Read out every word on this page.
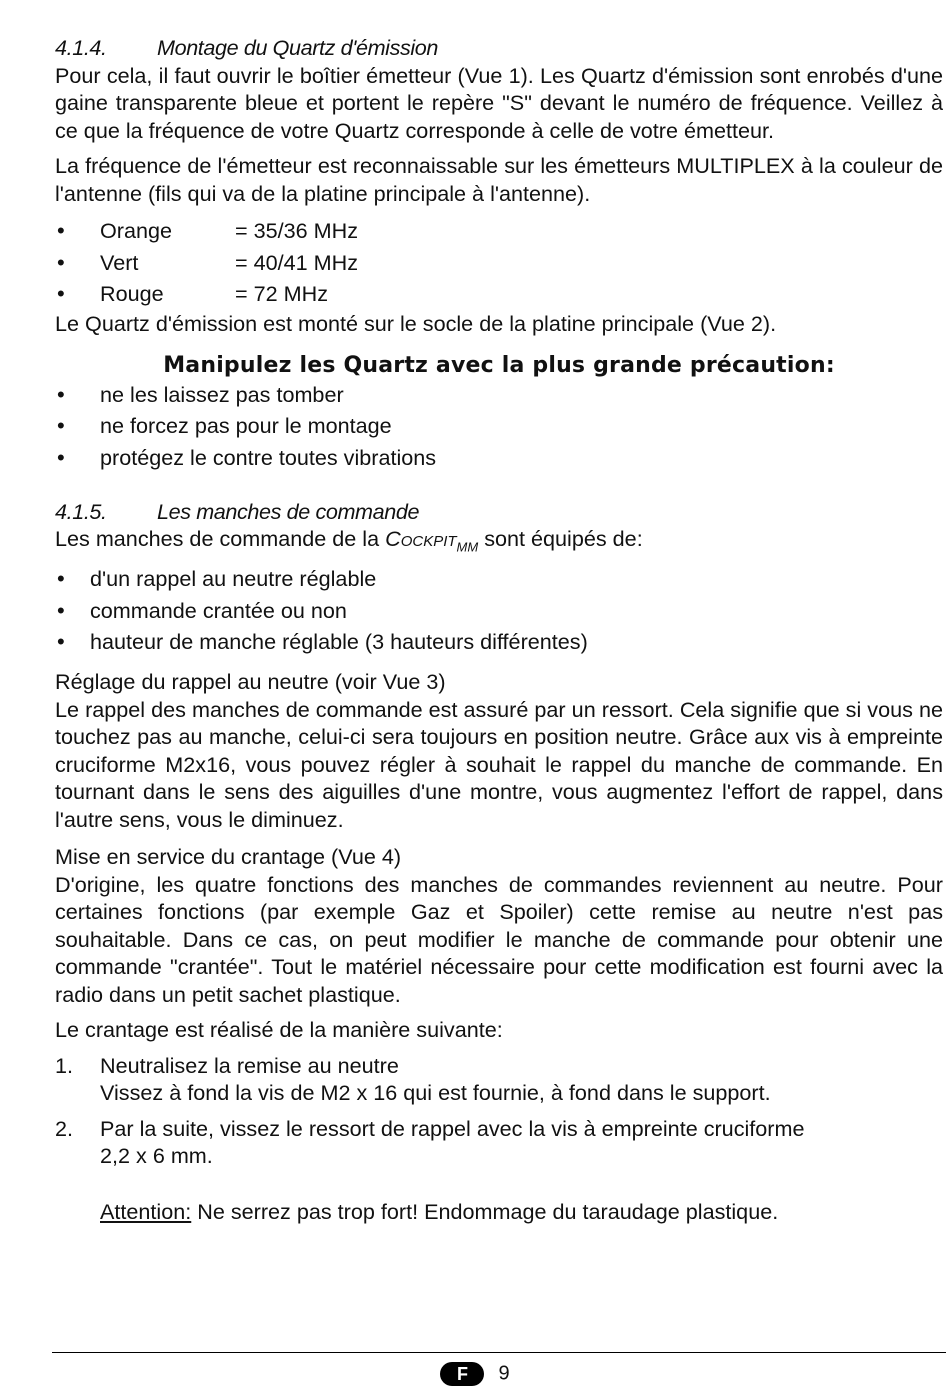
4.1.4. Montage du Quartz d'émission

Pour cela, il faut ouvrir le boîtier émetteur (Vue 1). Les Quartz d'émission sont enrobés d'une gaine transparente bleue et portent le repère "S" devant le numéro de fréquence. Veillez à ce que la fréquence de votre Quartz corresponde à celle de votre émetteur.

La fréquence de l'émetteur est reconnaissable sur les émetteurs MULTIPLEX à la couleur de l'antenne (fils qui va de la platine principale à l'antenne).

• Orange	= 35/36 MHz
• Vert	= 40/41 MHz
• Rouge	= 72 MHz

Le Quartz d'émission est monté sur le socle de la platine principale (Vue 2).

Manipulez les Quartz avec la plus grande précaution:
• ne les laissez pas tomber
• ne forcez pas pour le montage
• protégez le contre toutes vibrations
4.1.5. Les manches de commande

Les manches de commande de la Cockpit$_{MM}$ sont équipés de:

• d'un rappel au neutre réglable
• commande crantée ou non
• hauteur de manche réglable (3 hauteurs différentes)
Réglage du rappel au neutre (voir Vue 3)

Le rappel des manches de commande est assuré par un ressort. Cela signifie que si vous ne touchez pas au manche, celui-ci sera toujours en position neutre. Grâce aux vis à empreinte cruciforme M2x16, vous pouvez régler à souhait le rappel du manche de commande. En tournant dans le sens des aiguilles d'une montre, vous augmentez l'effort de rappel, dans l'autre sens, vous le diminuez.

Mise en service du crantage (Vue 4)

D'origine, les quatre fonctions des manches de commandes reviennent au neutre. Pour certaines fonctions (par exemple Gaz et Spoiler) cette remise au neutre n'est pas souhaitable. Dans ce cas, on peut modifier le manche de commande pour obtenir une commande "crantée". Tout le matériel nécessaire pour cette modification est fourni avec la radio dans un petit sachet plastique.

Le crantage est réalisé de la manière suivante:

1. Neutralisez la remise au neutre
Vissez à fond la vis de M2 x 16 qui est fournie, à fond dans le support.
2. Par la suite, vissez le ressort de rappel avec la vis à empreinte cruciforme
2,2 x 6 mm.
Attention: Ne serrez pas trop fort! Endommage du taraudage plastique.
F 9
